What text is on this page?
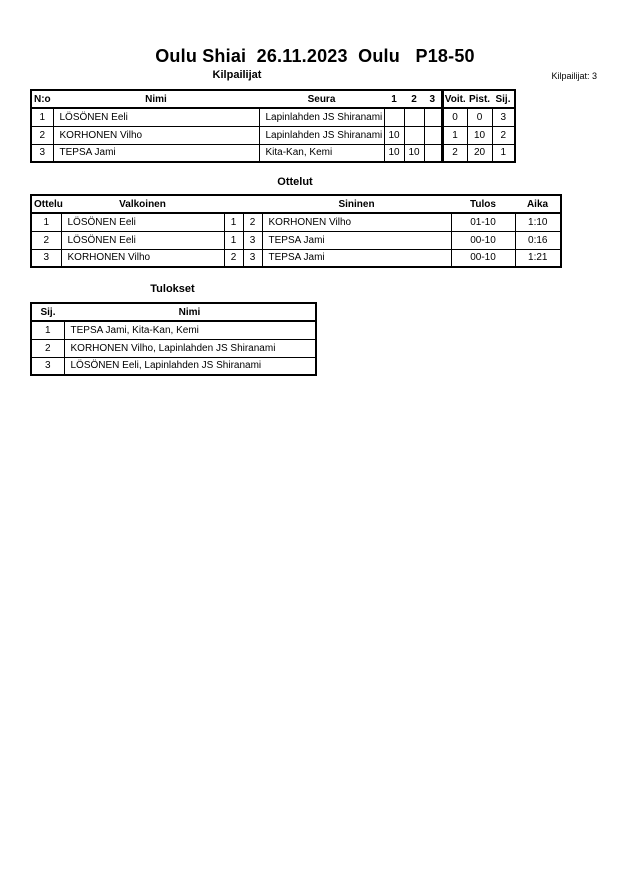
Oulu Shiai  26.11.2023  Oulu   P18-50
Kilpailijat	Kilpailijat: 3
N:o	Nimi	Seura	1	2	3	Voit.	Pist.	Sij.
1	LÖSÖNEN Eeli	Lapinlahden JS Shiranami				0	0	3
2	KORHONEN Vilho	Lapinlahden JS Shiranami	10			1	10	2
3	TEPSA Jami	Kita-Kan, Kemi	10	10		2	20	1
Ottelut
Ottelu	Valkoinen			Sininen	Tulos	Aika
1	LÖSÖNEN Eeli	1	2	KORHONEN Vilho	01-10	1:10
2	LÖSÖNEN Eeli	1	3	TEPSA Jami	00-10	0:16
3	KORHONEN Vilho	2	3	TEPSA Jami	00-10	1:21
Tulokset
Sij.	Nimi
1	TEPSA Jami, Kita-Kan, Kemi
2	KORHONEN Vilho, Lapinlahden JS Shiranami
3	LÖSÖNEN Eeli, Lapinlahden JS Shiranami
